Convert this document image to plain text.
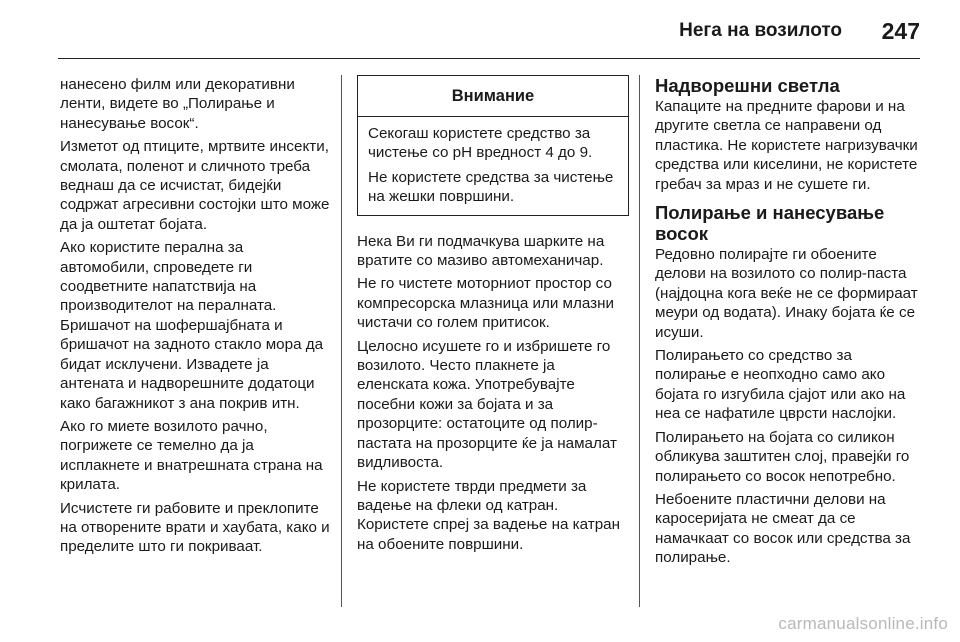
Нега на возилото 247

нанесено филм или декоративни ленти, видете во „Полирање и нанесување восок“.

Изметот од птиците, мртвите инсекти, смолата, поленот и сличното треба веднаш да се исчистат, бидејќи содржат агресивни состојки што може да ја оштетат бојата.

Ако користите перална за автомобили, спроведете ги соодветните напатствија на производителот на пералната. Бришачот на шофершајбната и бришачот на задното стакло мора да бидат исклучени. Извадете ја антената и надворешните додатоци како багажникот з ана покрив итн.

Ако го миете возилото рачно, погрижете се темелно да ја исплакнете и внатрешната страна на крилата.

Исчистете ги рабовите и преклопите на отворените врати и хаубата, како и пределите што ги покриваат.

Внимание

Секогаш користете средство за чистење со pH вредност 4 до 9.

Не користете средства за чистење на жешки површини.

Нека Ви ги подмачкува шарките на вратите со мазиво автомеханичар.

Не го чистете моторниот простор со компресорска млазница или млазни чистачи со голем притисок.

Целосно исушете го и избришете го возилото. Често плакнете ја еленската кожа. Употребувајте посебни кожи за бојата и за прозорците: остатоците од полир-пастата на прозорците ќе ја намалат видливоста.

Не користете тврди предмети за вадење на флеки од катран. Користете спреј за вадење на катран на обоените површини.

Надворешни светла

Капаците на предните фарови и на другите светла се направени од пластика. Не користете нагризувачки средства или киселини, не користете гребач за мраз и не сушете ги.

Полирање и нанесување восок

Редовно полирајте ги обоените делови на возилото со полир-паста (најдоцна кога веќе не се формираат меури од водата). Инаку бојата ќе се исуши.

Полирањето со средство за полирање е неопходно само ако бојата го изгубила сјајот или ако на неа се нафатиле цврсти наслојки.

Полирањето на бојата со силикон обликува заштитен слој, правејќи го полирањето со восок непотребно.

Небоените пластични делови на каросеријата не смеат да се намачкаат со восок или средства за полирање.

carmanualsonline.info
